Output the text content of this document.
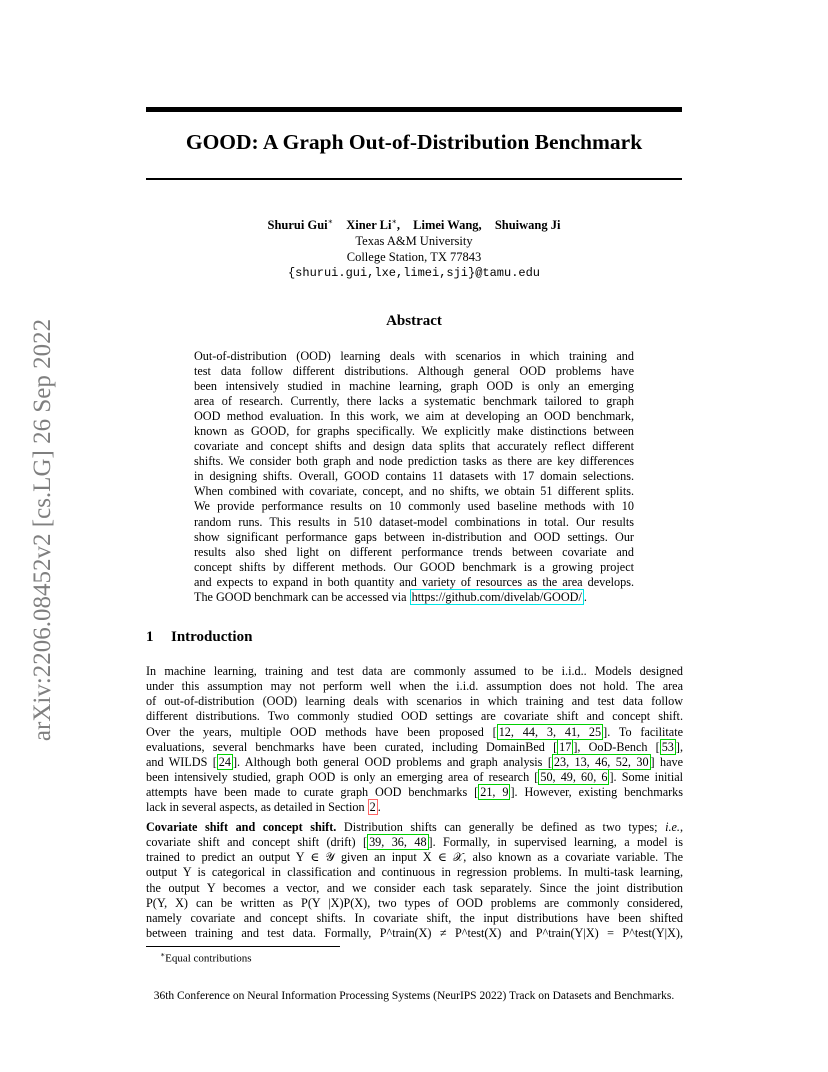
arXiv:2206.08452v2 [cs.LG] 26 Sep 2022
GOOD: A Graph Out-of-Distribution Benchmark
Shurui Gui∗ Xiner Li∗, Limei Wang, Shuiwang Ji
Texas A&M University
College Station, TX 77843
{shurui.gui,lxe,limei,sji}@tamu.edu
Abstract
Out-of-distribution (OOD) learning deals with scenarios in which training and
test data follow different distributions. Although general OOD problems have
been intensively studied in machine learning, graph OOD is only an emerging
area of research. Currently, there lacks a systematic benchmark tailored to graph
OOD method evaluation. In this work, we aim at developing an OOD benchmark,
known as GOOD, for graphs specifically. We explicitly make distinctions between
covariate and concept shifts and design data splits that accurately reflect different
shifts. We consider both graph and node prediction tasks as there are key differences
in designing shifts. Overall, GOOD contains 11 datasets with 17 domain selections.
When combined with covariate, concept, and no shifts, we obtain 51 different splits.
We provide performance results on 10 commonly used baseline methods with 10
random runs. This results in 510 dataset-model combinations in total. Our results
show significant performance gaps between in-distribution and OOD settings. Our
results also shed light on different performance trends between covariate and
concept shifts by different methods. Our GOOD benchmark is a growing project
and expects to expand in both quantity and variety of resources as the area develops.
The GOOD benchmark can be accessed via https://github.com/divelab/GOOD/ .
1 Introduction
In machine learning, training and test data are commonly assumed to be i.i.d.. Models designed
under this assumption may not perform well when the i.i.d. assumption does not hold. The area
of out-of-distribution (OOD) learning deals with scenarios in which training and test data follow
different distributions. Two commonly studied OOD settings are covariate shift and concept shift.
Over the years, multiple OOD methods have been proposed [ 12, 44, 3, 41, 25 ]. To facilitate
evaluations, several benchmarks have been curated, including DomainBed [ 17 ], OoD-Bench [ 53 ],
and WILDS [ 24 ]. Although both general OOD problems and graph analysis [ 23, 13, 46, 52, 30 ] have
been intensively studied, graph OOD is only an emerging area of research [ 50, 49, 60, 6 ]. Some initial
attempts have been made to curate graph OOD benchmarks [ 21, 9 ]. However, existing benchmarks
lack in several aspects, as detailed in Section 2 .
Covariate shift and concept shift. Distribution shifts can generally be defined as two types; i.e.,
covariate shift and concept shift (drift) [ 39, 36, 48 ]. Formally, in supervised learning, a model is
trained to predict an output Y ∈ 𝒴 given an input X ∈ 𝒳, also known as a covariate variable. The
output Y is categorical in classification and continuous in regression problems. In multi-task learning,
the output Y becomes a vector, and we consider each task separately. Since the joint distribution
P(Y, X) can be written as P(Y |X)P(X), two types of OOD problems are commonly considered,
namely covariate and concept shifts. In covariate shift, the input distributions have been shifted
between training and test data. Formally, P^train(X) ≠ P^test(X) and P^train(Y|X) = P^test(Y|X),
∗Equal contributions
36th Conference on Neural Information Processing Systems (NeurIPS 2022) Track on Datasets and Benchmarks.
